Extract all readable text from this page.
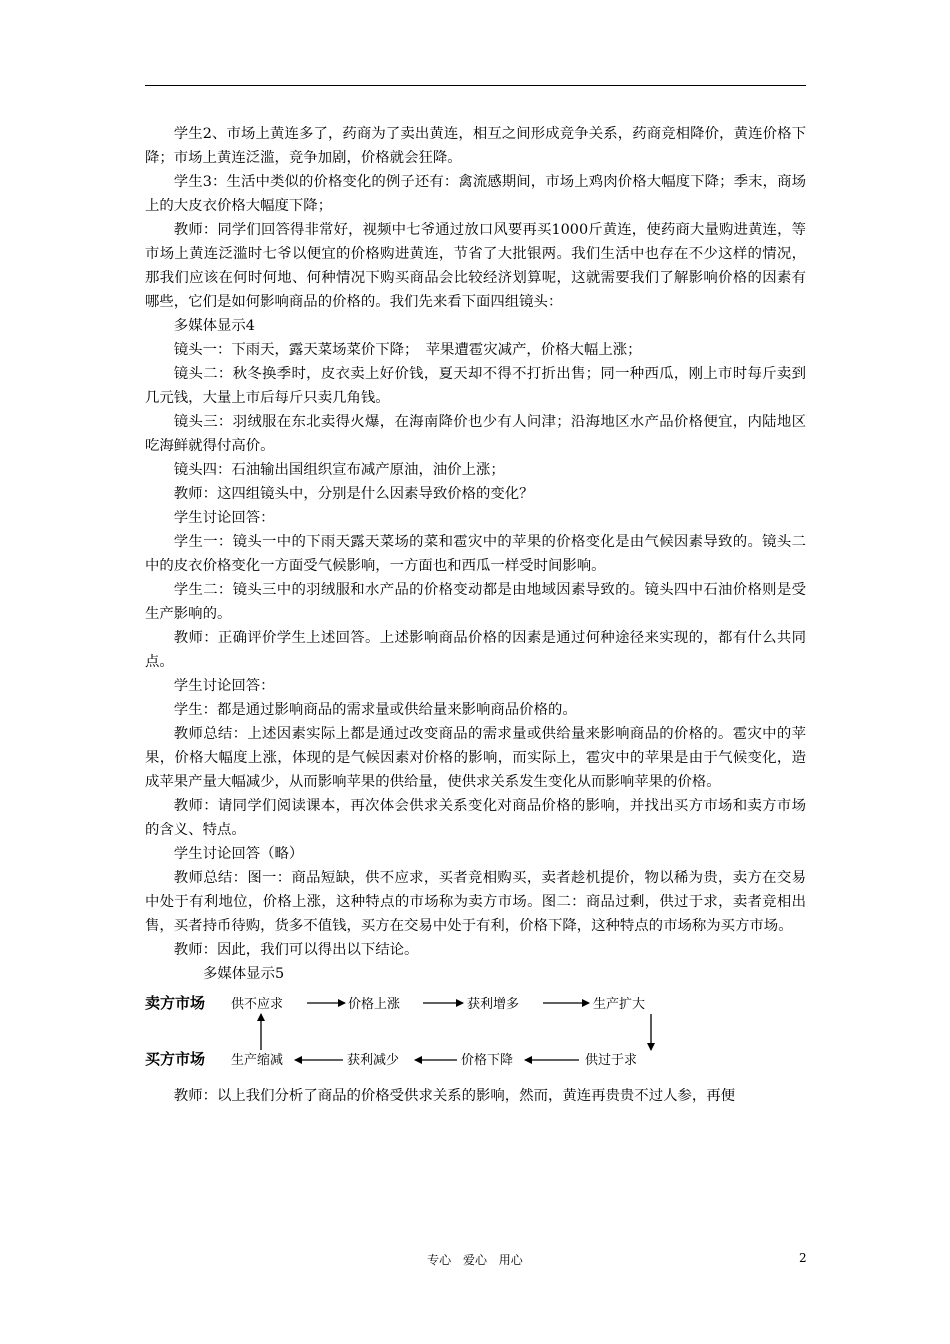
学生2、市场上黄连多了，药商为了卖出黄连，相互之间形成竞争关系，药商竞相降价，黄连价格下降；市场上黄连泛滥，竞争加剧，价格就会狂降。

学生3：生活中类似的价格变化的例子还有：禽流感期间，市场上鸡肉价格大幅度下降；季末，商场上的大皮衣价格大幅度下降；

教师：同学们回答得非常好，视频中七爷通过放口风要再买1000斤黄连，使药商大量购进黄连，等市场上黄连泛滥时七爷以便宜的价格购进黄连，节省了大批银两。我们生活中也存在不少这样的情况，那我们应该在何时何地、何种情况下购买商品会比较经济划算呢，这就需要我们了解影响价格的因素有哪些，它们是如何影响商品的价格的。我们先来看下面四组镜头：

多媒体显示4

镜头一：下雨天，露天菜场菜价下降；　苹果遭雹灾减产，价格大幅上涨；

镜头二：秋冬换季时，皮衣卖上好价钱，夏天却不得不打折出售；同一种西瓜，刚上市时每斤卖到几元钱，大量上市后每斤只卖几角钱。

镜头三：羽绒服在东北卖得火爆，在海南降价也少有人问津；沿海地区水产品价格便宜，内陆地区吃海鲜就得付高价。

镜头四：石油输出国组织宣布减产原油，油价上涨；

教师：这四组镜头中，分别是什么因素导致价格的变化？

学生讨论回答：

学生一：镜头一中的下雨天露天菜场的菜和雹灾中的苹果的价格变化是由气候因素导致的。镜头二中的皮衣价格变化一方面受气候影响，一方面也和西瓜一样受时间影响。

学生二：镜头三中的羽绒服和水产品的价格变动都是由地域因素导致的。镜头四中石油价格则是受生产影响的。

教师：正确评价学生上述回答。上述影响商品价格的因素是通过何种途径来实现的，都有什么共同点。

学生讨论回答：

学生：都是通过影响商品的需求量或供给量来影响商品价格的。

教师总结：上述因素实际上都是通过改变商品的需求量或供给量来影响商品的价格的。雹灾中的苹果，价格大幅度上涨，体现的是气候因素对价格的影响，而实际上，雹灾中的苹果是由于气候变化，造成苹果产量大幅减少，从而影响苹果的供给量，使供求关系发生变化从而影响苹果的价格。

教师：请同学们阅读课本，再次体会供求关系变化对商品价格的影响，并找出买方市场和卖方市场的含义、特点。

学生讨论回答（略）

教师总结：图一：商品短缺，供不应求，买者竞相购买，卖者趁机提价，物以稀为贵，卖方在交易中处于有利地位，价格上涨，这种特点的市场称为卖方市场。图二：商品过剩，供过于求，卖者竞相出售，买者持币待购，货多不值钱，买方在交易中处于有利，价格下降，这种特点的市场称为买方市场。

教师：因此，我们可以得出以下结论。

多媒体显示5

卖方市场
买方市场
供不应求	价格上涨	获利增多	生产扩大
生产缩减	获利减少	价格下降	供过于求

教师：以上我们分析了商品的价格受供求关系的影响，然而，黄连再贵贵不过人参，再便

专心 爱心 用心	2
